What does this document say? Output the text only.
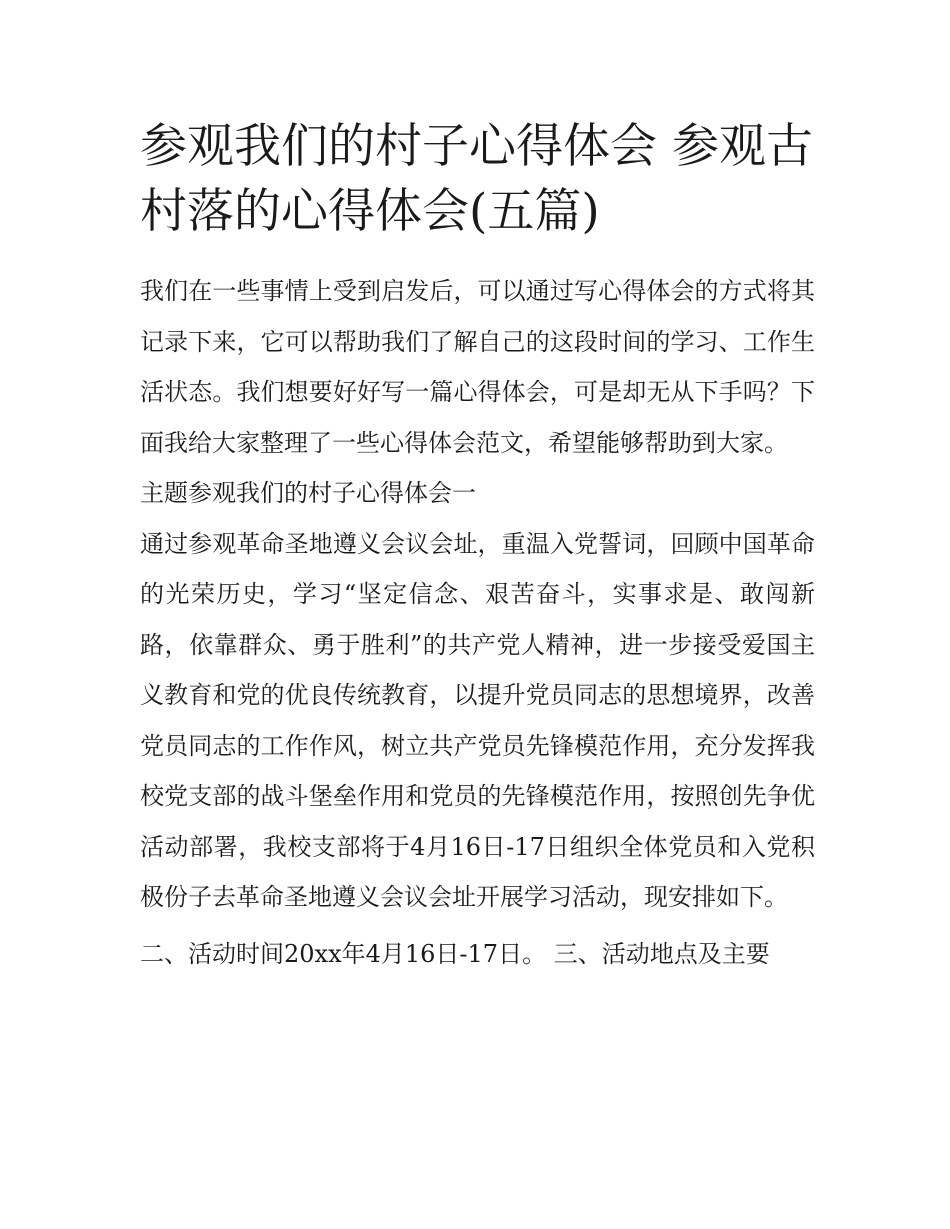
参观我们的村子心得体会 参观古村落的心得体会(五篇)

我们在一些事情上受到启发后，可以通过写心得体会的方式将其记录下来，它可以帮助我们了解自己的这段时间的学习、工作生活状态。我们想要好好写一篇心得体会，可是却无从下手吗？下面我给大家整理了一些心得体会范文，希望能够帮助到大家。

主题参观我们的村子心得体会一

通过参观革命圣地遵义会议会址，重温入党誓词，回顾中国革命的光荣历史，学习“坚定信念、艰苦奋斗，实事求是、敢闯新路，依靠群众、勇于胜利”的共产党人精神，进一步接受爱国主义教育和党的优良传统教育，以提升党员同志的思想境界，改善党员同志的工作作风，树立共产党员先锋模范作用，充分发挥我校党支部的战斗堡垒作用和党员的先锋模范作用，按照创先争优活动部署，我校支部将于4月16日-17日组织全体党员和入党积极份子去革命圣地遵义会议会址开展学习活动，现安排如下。

二、活动时间20xx年4月16日-17日。 三、活动地点及主要
